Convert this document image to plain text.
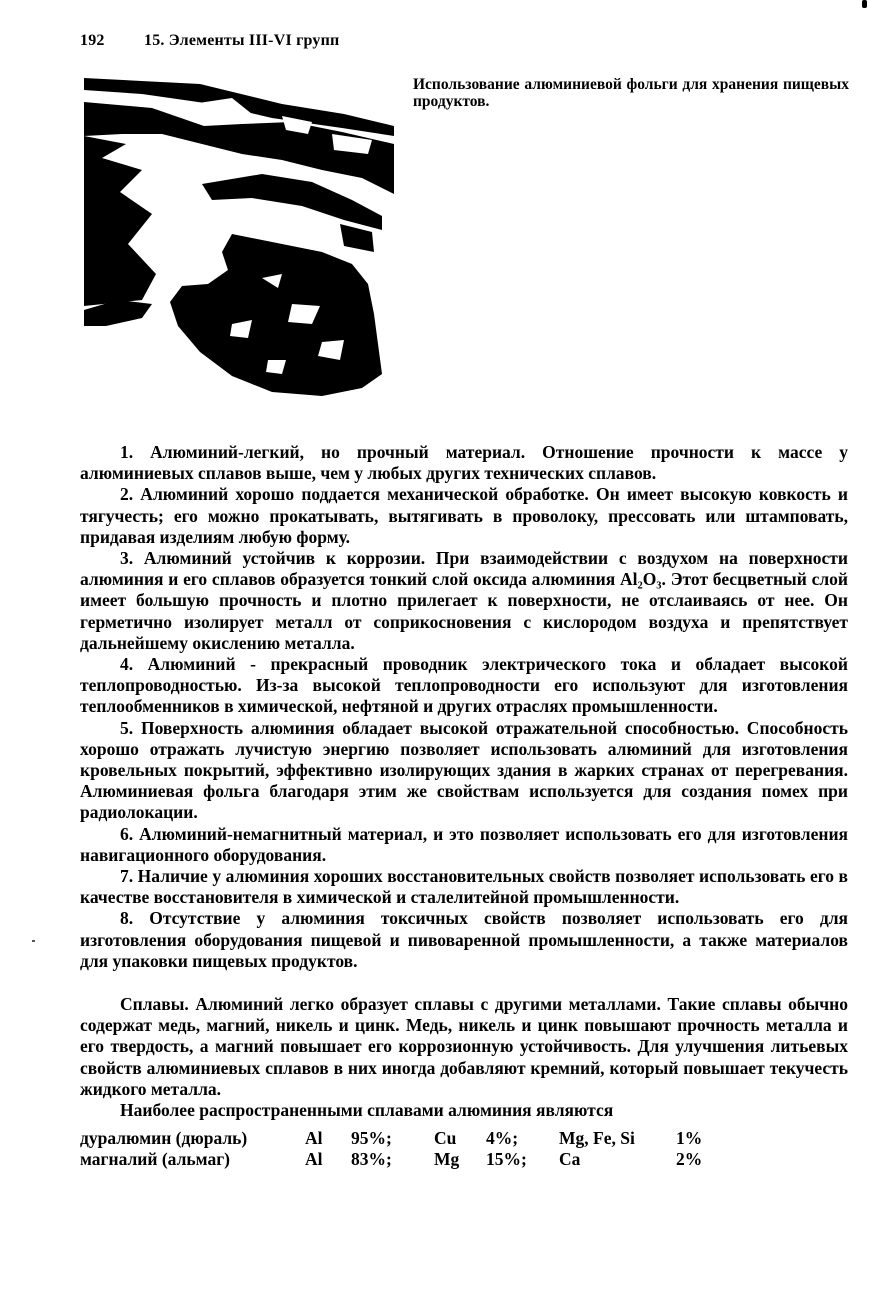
192 15. Элементы III-VI групп
Использование алюминиевой фольги для хранения пищевых продуктов.

1. Алюминий-легкий, но прочный материал. Отношение прочности к массе у алюминиевых сплавов выше, чем у любых других технических сплавов.

2. Алюминий хорошо поддается механической обработке. Он имеет высокую ковкость и тягучесть; его можно прокатывать, вытягивать в проволоку, прессовать или штамповать, придавая изделиям любую форму.

3. Алюминий устойчив к коррозии. При взаимодействии с воздухом на поверхности алюминия и его сплавов образуется тонкий слой оксида алюминия Al₂O₃. Этот бесцветный слой имеет большую прочность и плотно прилегает к поверхности, не отслаиваясь от нее. Он герметично изолирует металл от соприкосновения с кислородом воздуха и препятствует дальнейшему окислению металла.

4. Алюминий - прекрасный проводник электрического тока и обладает высокой теплопроводностью. Из-за высокой теплопроводности его используют для изготовления теплообменников в химической, нефтяной и других отраслях промышленности.

5. Поверхность алюминия обладает высокой отражательной способностью. Способность хорошо отражать лучистую энергию позволяет использовать алюминий для изготовления кровельных покрытий, эффективно изолирующих здания в жарких странах от перегревания. Алюминиевая фольга благодаря этим же свойствам используется для создания помех при радиолокации.

6. Алюминий-немагнитный материал, и это позволяет использовать его для изготовления навигационного оборудования.

7. Наличие у алюминия хороших восстановительных свойств позволяет использовать его в качестве восстановителя в химической и сталелитейной промышленности.

8. Отсутствие у алюминия токсичных свойств позволяет использовать его для изготовления оборудования пищевой и пивоваренной промышленности, а также материалов для упаковки пищевых продуктов.

Сплавы. Алюминий легко образует сплавы с другими металлами. Такие сплавы обычно содержат медь, магний, никель и цинк. Медь, никель и цинк повышают прочность металла и его твердость, а магний повышает его коррозионную устойчивость. Для улучшения литьевых свойств алюминиевых сплавов в них иногда добавляют кремний, который повышает текучесть жидкого металла.

Наиболее распространенными сплавами алюминия являются

дуралюмин (дюраль)	Al	95%;	Cu	4%;	Mg, Fe, Si	1%
магналий (альмаг)	Al	83%;	Mg	15%;	Ca	2%
